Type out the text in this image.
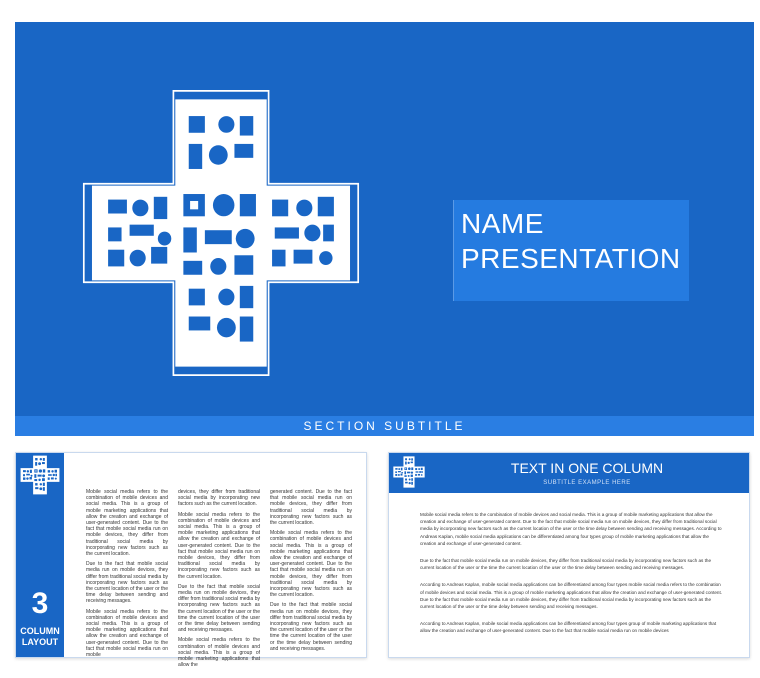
NAME
PRESENTATION
SECTION SUBTITLE
3
COLUMN
LAYOUT

Mobile social media refers to the combination of mobile devices and social media. This is a group of mobile marketing applications that allow the creation and exchange of user-generated content. Due to the fact that mobile social media run on mobile devices, they differ from traditional social media by incorporating new factors such as the current location.

Due to the fact that mobile social media run on mobile devices, they differ from traditional social media by incorporating new factors such as the current location of the user or the time delay between sending and receiving messages.

Mobile social media refers to the combination of mobile devices and social media. This is a group of mobile marketing applications that allow the creation and exchange of user-generated content. Due to the fact that mobile social media run on mobile

devices, they differ from traditional social media by incorporating new factors such as the current location.

Mobile social media refers to the combination of mobile devices and social media. This is a group of mobile marketing applications that allow the creation and exchange of user-generated content. Due to the fact that mobile social media run on mobile devices, they differ from traditional social media by incorporating new factors such as the current location.

Due to the fact that mobile social media run on mobile devices, they differ from traditional social media by incorporating new factors such as the current location of the user or the time the current location of the user or the time delay between sending and receiving messages.

Mobile social media refers to the combination of mobile devices and social media. This is a group of mobile marketing applications that allow the

generated content. Due to the fact that mobile social media run on mobile devices, they differ from traditional social media by incorporating new factors such as the current location.

Mobile social media refers to the combination of mobile devices and social media. This is a group of mobile marketing applications that allow the creation and exchange of user-generated content. Due to the fact that mobile social media run on mobile devices, they differ from traditional social media by incorporating new factors such as the current location.

Due to the fact that mobile social media run on mobile devices, they differ from traditional social media by incorporating new factors such as the current location of the user or the time the current location of the user or the time delay between sending and receiving messages.

TEXT IN ONE COLUMN
SUBTITLE EXAMPLE HERE

Mobile social media refers to the combination of mobile devices and social media. This is a group of mobile marketing applications that allow the creation and exchange of user-generated content. Due to the fact that mobile social media run on mobile devices, they differ from traditional social media by incorporating new factors such as the current location of the user or the time delay between sending and receiving messages. According to Andreas Kaplan, mobile social media applications can be differentiated among four types group of mobile marketing applications that allow the creation and exchange of user-generated content.

Due to the fact that mobile social media run on mobile devices, they differ from traditional social media by incorporating new factors such as the current location of the user or the time the current location of the user or the time delay between sending and receiving messages.

According to Andreas Kaplan, mobile social media applications can be differentiated among four types mobile social media refers to the combination of mobile devices and social media. This is a group of mobile marketing applications that allow the creation and exchange of user-generated content. Due to the fact that mobile social media run on mobile devices, they differ from traditional social media by incorporating new factors such as the current location of the user or the time delay between sending and receiving messages.

According to Andreas Kaplan, mobile social media applications can be differentiated among four types group of mobile marketing applications that allow the creation and exchange of user-generated content. Due to the fact that mobile social media run on mobile devices
